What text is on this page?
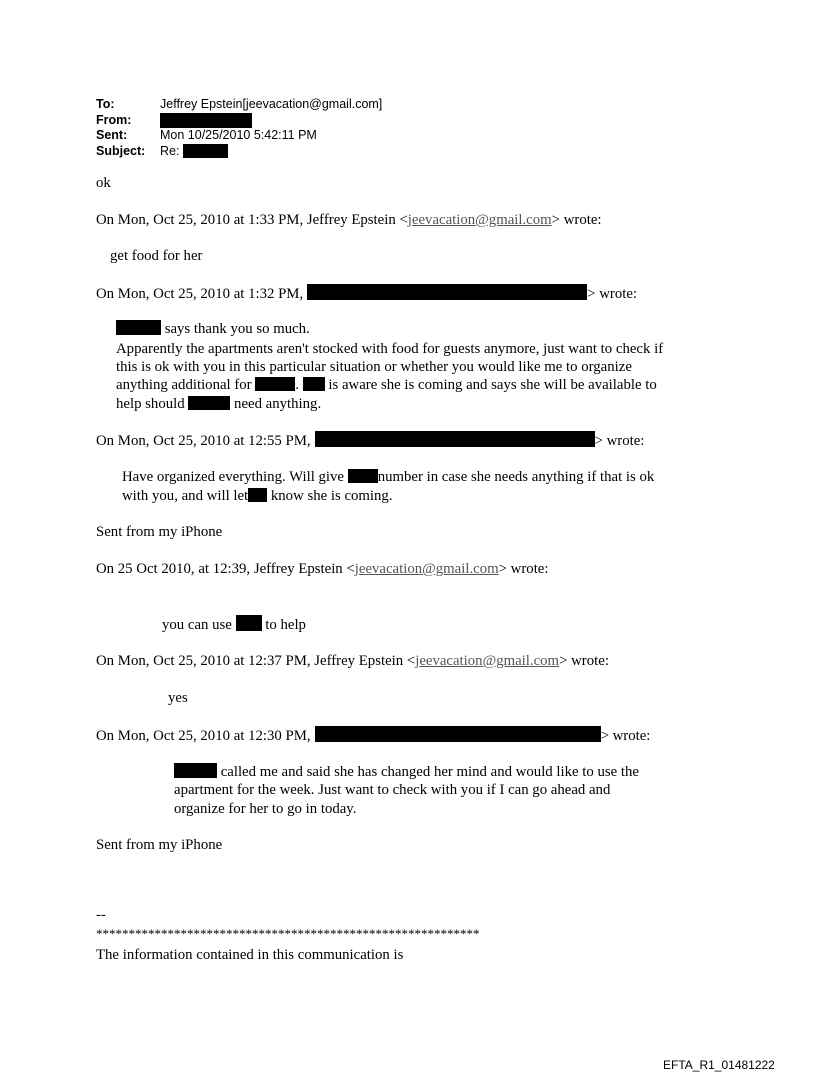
To:	Jeffrey Epstein[jeevacation@gmail.com]
From:
Sent:	Mon 10/25/2010 5:42:11 PM
Subject:	Re:
ok
On Mon, Oct 25, 2010 at 1:33 PM, Jeffrey Epstein <jeevacation@gmail.com> wrote:
get food for her
On Mon, Oct 25, 2010 at 1:32 PM,	> wrote:
says thank you so much.
Apparently the apartments aren't stocked with food for guests anymore, just want to check if
this is ok with you in this particular situation or whether you would like me to organize
anything additional for	. is aware she is coming and says she will be available to
help should	need anything.
On Mon, Oct 25, 2010 at 12:55 PM,	> wrote:
Have organized everything. Will give number in case she needs anything if that is ok
with you, and will let know she is coming.
Sent from my iPhone
On 25 Oct 2010, at 12:39, Jeffrey Epstein <jeevacation@gmail.com> wrote:
you can use to help
On Mon, Oct 25, 2010 at 12:37 PM, Jeffrey Epstein <jeevacation@gmail.com> wrote:
yes
On Mon, Oct 25, 2010 at 12:30 PM,	> wrote:
called me and said she has changed her mind and would like to use the
apartment for the week. Just want to check with you if I can go ahead and
organize for her to go in today.
Sent from my iPhone
--
***********************************************************
The information contained in this communication is
EFTA_R1_01481222
